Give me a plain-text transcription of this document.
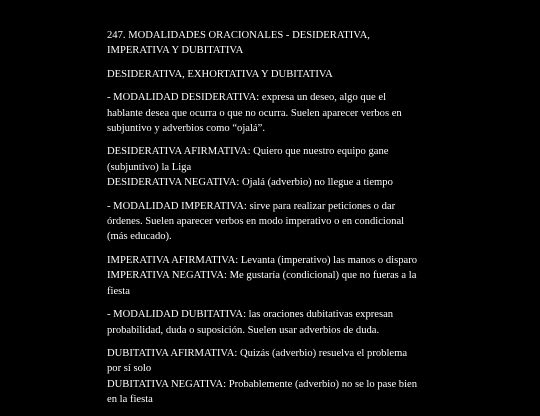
247. MODALIDADES ORACIONALES - DESIDERATIVA,
IMPERATIVA Y DUBITATIVA

DESIDERATIVA, EXHORTATIVA Y DUBITATIVA

- MODALIDAD DESIDERATIVA: expresa un deseo, algo que el
hablante desea que ocurra o que no ocurra. Suelen aparecer verbos en
subjuntivo y adverbios como “ojalá”.

DESIDERATIVA AFIRMATIVA: Quiero que nuestro equipo gane
(subjuntivo) la Liga
DESIDERATIVA NEGATIVA: Ojalá (adverbio) no llegue a tiempo

- MODALIDAD IMPERATIVA: sirve para realizar peticiones o dar
órdenes. Suelen aparecer verbos en modo imperativo o en condicional
(más educado).

IMPERATIVA AFIRMATIVA: Levanta (imperativo) las manos o disparo
IMPERATIVA NEGATIVA: Me gustaría (condicional) que no fueras a la
fiesta

- MODALIDAD DUBITATIVA: las oraciones dubitativas expresan
probabilidad, duda o suposición. Suelen usar adverbios de duda.

DUBITATIVA AFIRMATIVA: Quizás (adverbio) resuelva el problema
por sí solo
DUBITATIVA NEGATIVA: Probablemente (adverbio) no se lo pase bien
en la fiesta
